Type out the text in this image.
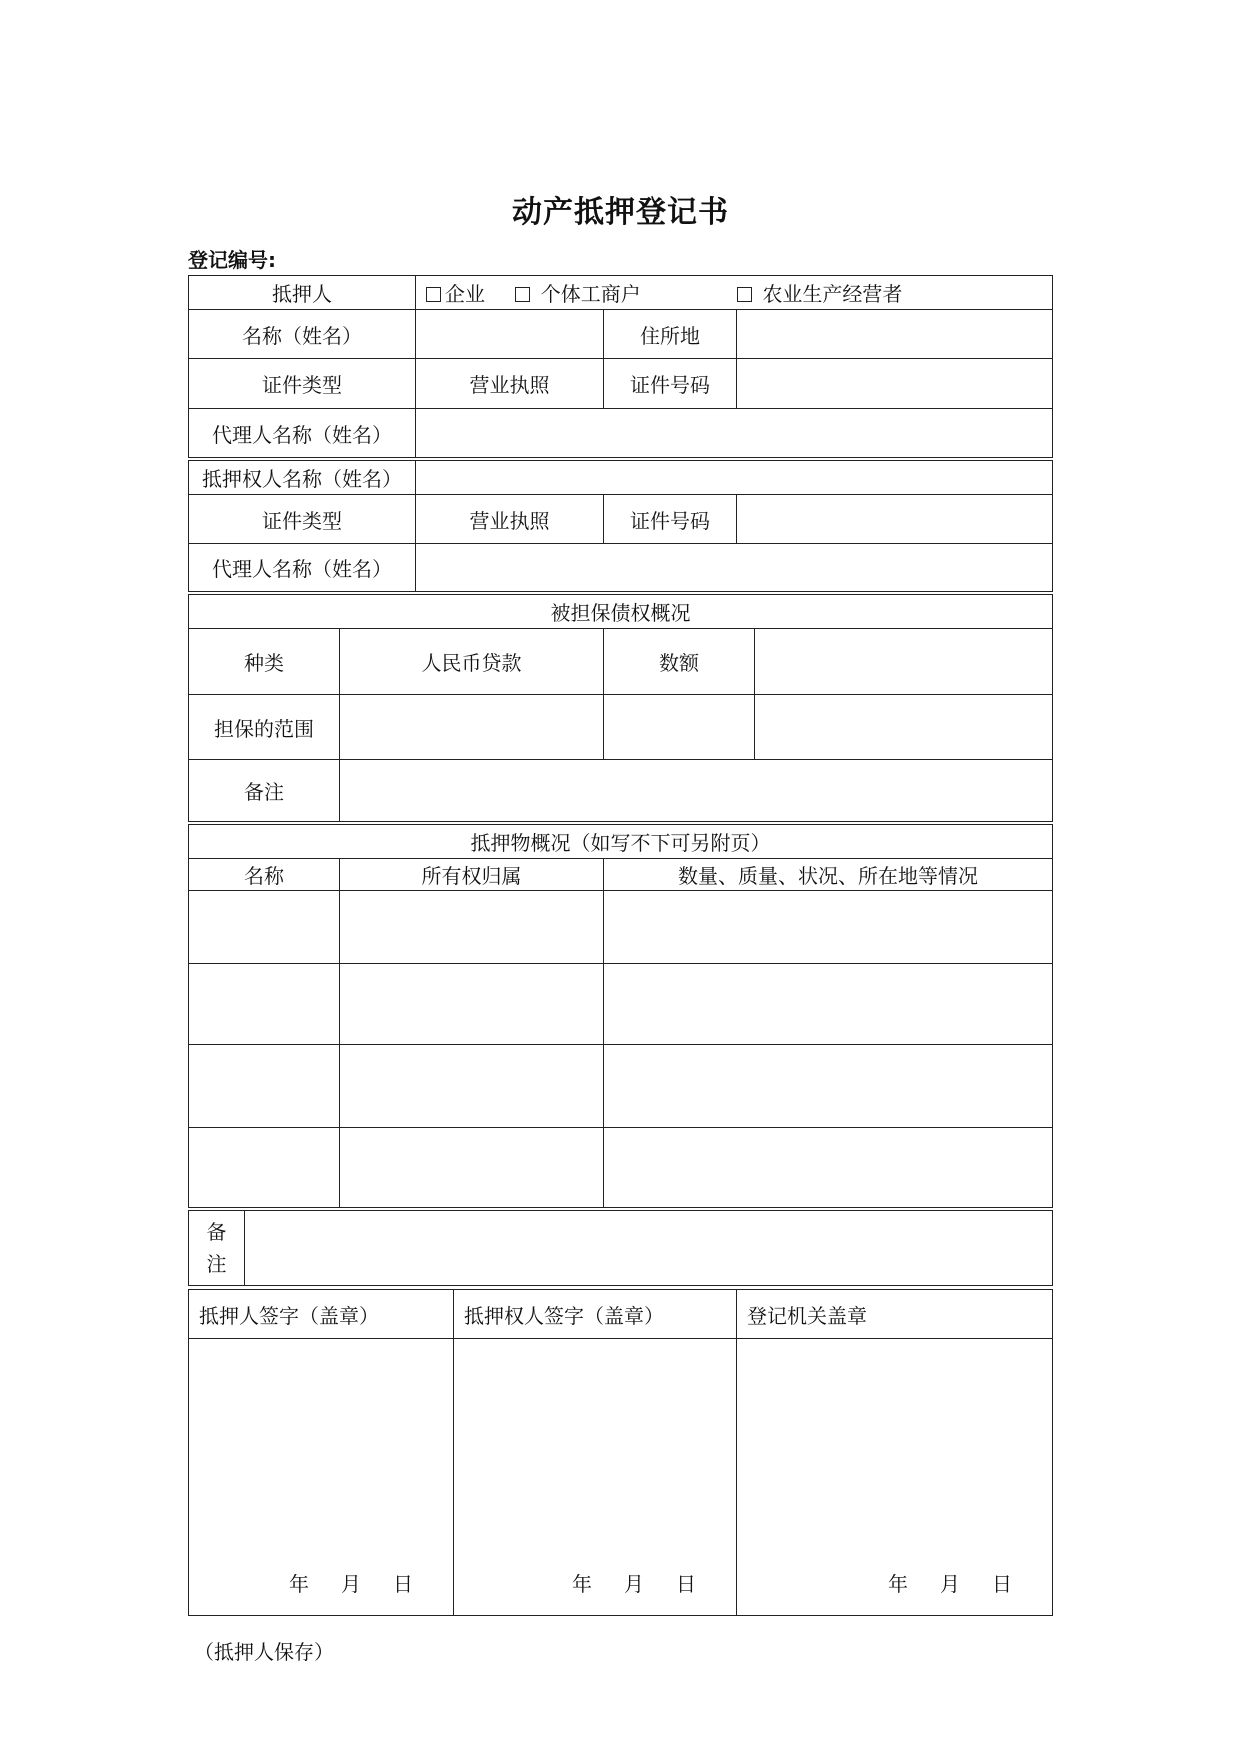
动产抵押登记书
登记编号:
抵押人	企业 个体工商户 农业生产经营者		
名称（姓名）		住所地	
证件类型	营业执照	证件号码	
代理人名称（姓名）			
抵押权人名称（姓名）			
证件类型	营业执照	证件号码	
代理人名称（姓名）			
被担保债权概况			
种类	人民币贷款	数额	
担保的范围			
备注			
抵押物概况（如写不下可另附页）		
名称	所有权归属	数量、质量、状况、所在地等情况

备
注	
抵押人签字（盖章）	抵押权人签字（盖章）	登记机关盖章
年 月 日	年 月 日	年 月 日
（抵押人保存）
